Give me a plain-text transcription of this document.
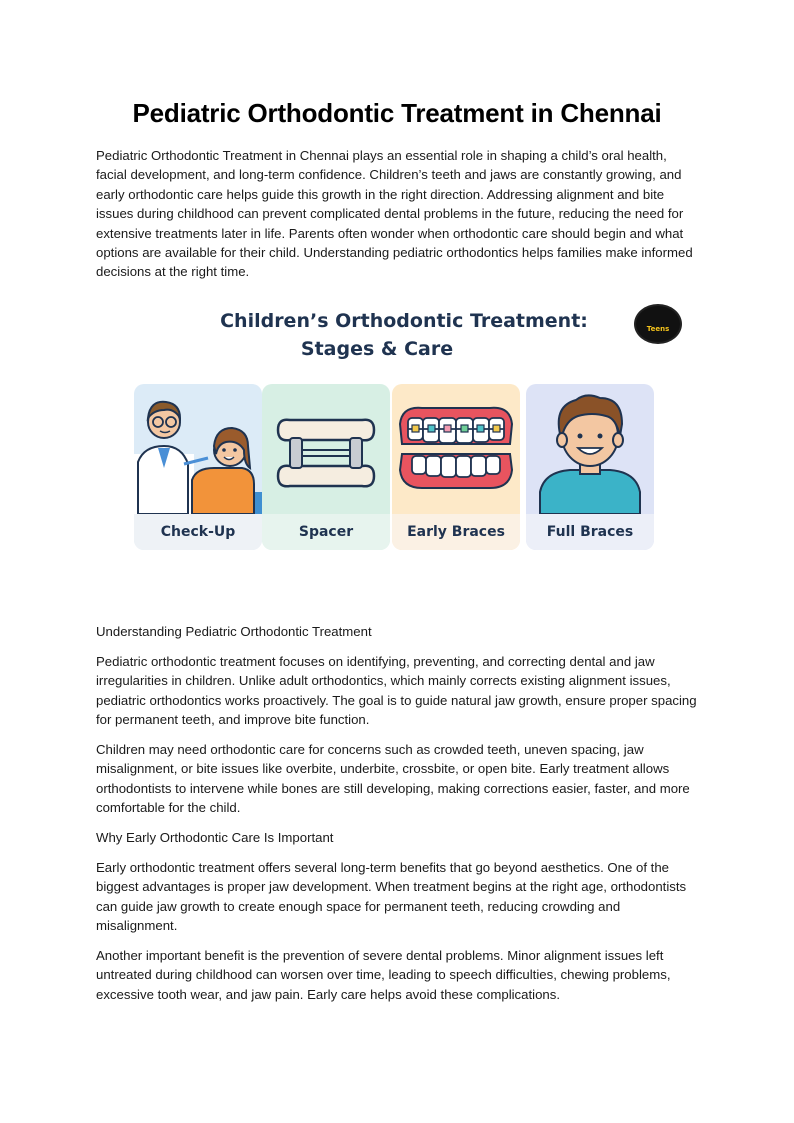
Pediatric Orthodontic Treatment in Chennai

Pediatric Orthodontic Treatment in Chennai plays an essential role in shaping a child’s oral health, facial development, and long-term confidence. Children’s teeth and jaws are constantly growing, and early orthodontic care helps guide this growth in the right direction. Addressing alignment and bite issues during childhood can prevent complicated dental problems in the future, reducing the need for extensive treatments later in life. Parents often wonder when orthodontic care should begin and what options are available for their child. Understanding pediatric orthodontics helps families make informed decisions at the right time.

Children’s Orthodontic Treatment:
Stages & Care
Teens
Check-Up	Spacer	Early Braces	Full Braces
Understanding Pediatric Orthodontic Treatment

Pediatric orthodontic treatment focuses on identifying, preventing, and correcting dental and jaw irregularities in children. Unlike adult orthodontics, which mainly corrects existing alignment issues, pediatric orthodontics works proactively. The goal is to guide natural jaw growth, ensure proper spacing for permanent teeth, and improve bite function.

Children may need orthodontic care for concerns such as crowded teeth, uneven spacing, jaw misalignment, or bite issues like overbite, underbite, crossbite, or open bite. Early treatment allows orthodontists to intervene while bones are still developing, making corrections easier, faster, and more comfortable for the child.

Why Early Orthodontic Care Is Important

Early orthodontic treatment offers several long-term benefits that go beyond aesthetics. One of the biggest advantages is proper jaw development. When treatment begins at the right age, orthodontists can guide jaw growth to create enough space for permanent teeth, reducing crowding and misalignment.

Another important benefit is the prevention of severe dental problems. Minor alignment issues left untreated during childhood can worsen over time, leading to speech difficulties, chewing problems, excessive tooth wear, and jaw pain. Early care helps avoid these complications.
